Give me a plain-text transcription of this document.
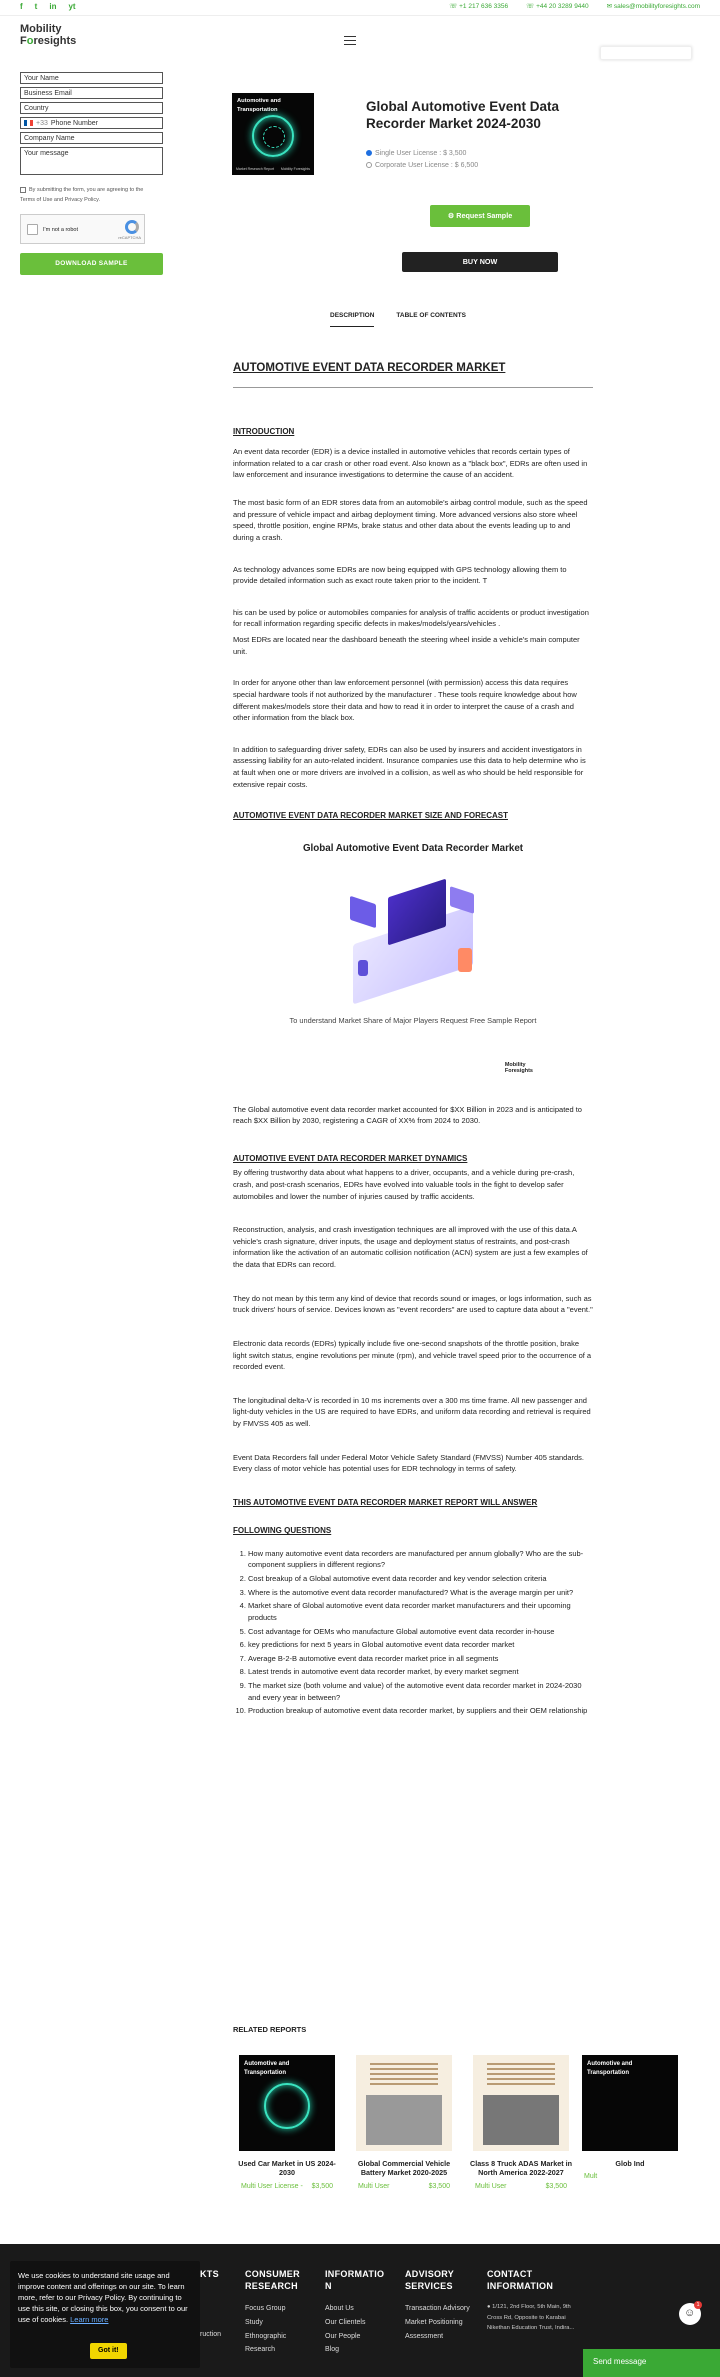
f t in yt	☏ +1 217 636 3356	☏ +44 20 3289 9440	✉ sales@mobilityforesights.com
Mobility
Foresights
Your Name
Business Email
Country
+33 Phone Number
Company Name
Your message
By submitting the form, you are agreeing to the
Terms of Use and Privacy Policy.
I'm not a robot
reCAPTCHA
DOWNLOAD SAMPLE
Automotive and Transportation
Market Research Report Mobility Foresights
Global Automotive Event Data Recorder Market 2024-2030
Single User License : $ 3,500
Corporate User License : $ 6,500
⚙ Request Sample
BUY NOW
DESCRIPTION	TABLE OF CONTENTS
AUTOMOTIVE EVENT DATA RECORDER MARKET
INTRODUCTION

An event data recorder (EDR) is a device installed in automotive vehicles that records certain types of information related to a car crash or other road event. Also known as a "black box", EDRs are often used in law enforcement and insurance investigations to determine the cause of an accident.

The most basic form of an EDR stores data from an automobile's airbag control module, such as the speed and pressure of vehicle impact and airbag deployment timing. More advanced versions also store wheel speed, throttle position, engine RPMs, brake status and other data about the events leading up to and during a crash.

As technology advances some EDRs are now being equipped with GPS technology allowing them to provide detailed information such as exact route taken prior to the incident. T

his can be used by police or automobiles companies for analysis of traffic accidents or product investigation for recall information regarding specific defects in makes/models/years/vehicles .

Most EDRs are located near the dashboard beneath the steering wheel inside a vehicle's main computer unit.

In order for anyone other than law enforcement personnel (with permission) access this data requires special hardware tools if not authorized by the manufacturer . These tools require knowledge about how different makes/models store their data and how to read it in order to interpret the cause of a crash and other information from the black box.

In addition to safeguarding driver safety, EDRs can also be used by insurers and accident investigators in assessing liability for an auto-related incident. Insurance companies use this data to help determine who is at fault when one or more drivers are involved in a collision, as well as who should be held responsible for extensive repair costs.

AUTOMOTIVE EVENT DATA RECORDER MARKET SIZE AND FORECAST
Global Automotive Event Data Recorder Market
To understand Market Share of Major Players Request Free Sample Report
Mobility
Foresights

The Global automotive event data recorder market accounted for $XX Billion in 2023 and is anticipated to reach $XX Billion by 2030, registering a CAGR of XX% from 2024 to 2030.

AUTOMOTIVE EVENT DATA RECORDER MARKET DYNAMICS

By offering trustworthy data about what happens to a driver, occupants, and a vehicle during pre-crash, crash, and post-crash scenarios, EDRs have evolved into valuable tools in the fight to develop safer automobiles and lower the number of injuries caused by traffic accidents.

Reconstruction, analysis, and crash investigation techniques are all improved with the use of this data.A vehicle's crash signature, driver inputs, the usage and deployment status of restraints, and post-crash information like the activation of an automatic collision notification (ACN) system are just a few examples of the data that EDRs can record.

They do not mean by this term any kind of device that records sound or images, or logs information, such as truck drivers' hours of service. Devices known as "event recorders" are used to capture data about a "event."

Electronic data records (EDRs) typically include five one-second snapshots of the throttle position, brake light switch status, engine revolutions per minute (rpm), and vehicle travel speed prior to the occurrence of a recorded event.

The longitudinal delta-V is recorded in 10 ms increments over a 300 ms time frame. All new passenger and light-duty vehicles in the US are required to have EDRs, and uniform data recording and retrieval is required by FMVSS 405 as well.

Event Data Recorders fall under Federal Motor Vehicle Safety Standard (FMVSS) Number 405 standards. Every class of motor vehicle has potential uses for EDR technology in terms of safety.

THIS AUTOMOTIVE EVENT DATA RECORDER MARKET REPORT WILL ANSWER
FOLLOWING QUESTIONS
1. How many automotive event data recorders are manufactured per annum globally? Who are the sub-component suppliers in different regions?
2. Cost breakup of a Global automotive event data recorder and key vendor selection criteria
3. Where is the automotive event data recorder manufactured? What is the average margin per unit?
4. Market share of Global automotive event data recorder market manufacturers and their upcoming products
5. Cost advantage for OEMs who manufacture Global automotive event data recorder in-house
6. key predictions for next 5 years in Global automotive event data recorder market
7. Average B-2-B automotive event data recorder market price in all segments
8. Latest trends in automotive event data recorder market, by every market segment
9. The market size (both volume and value) of the automotive event data recorder market in 2024-2030 and every year in between?
10. Production breakup of automotive event data recorder market, by suppliers and their OEM relationship
RELATED REPORTS
Automotive and Transportation
Used Car Market in US 2024-2030
Multi User License - $3,500
Global Commercial Vehicle Battery Market 2020-2025
Multi User	$3,500
Class 8 Truck ADAS Market in North America 2022-2027
Multi User	$3,500
Automotive and Transportation
Glob Ind
Mult
KTS
ruction
CONSUMER RESEARCH
Focus Group Study
Ethnographic Research
INFORMATIO N
About Us
Our Clientels
Our People
Blog
ADVISORY SERVICES
Transaction Advisory
Market Positioning Assessment
CONTACT INFORMATION
● 1/121, 2nd Floor, 5th Main, 9th Cross Rd, Opposite to Karabai Nikethan Education Trust, Indira...
We use cookies to understand site usage and improve content and offerings on our site. To learn more, refer to our Privacy Policy. By continuing to use this site, or closing this box, you consent to our use of cookies. Learn more
Got it!
1
☺
Send message
